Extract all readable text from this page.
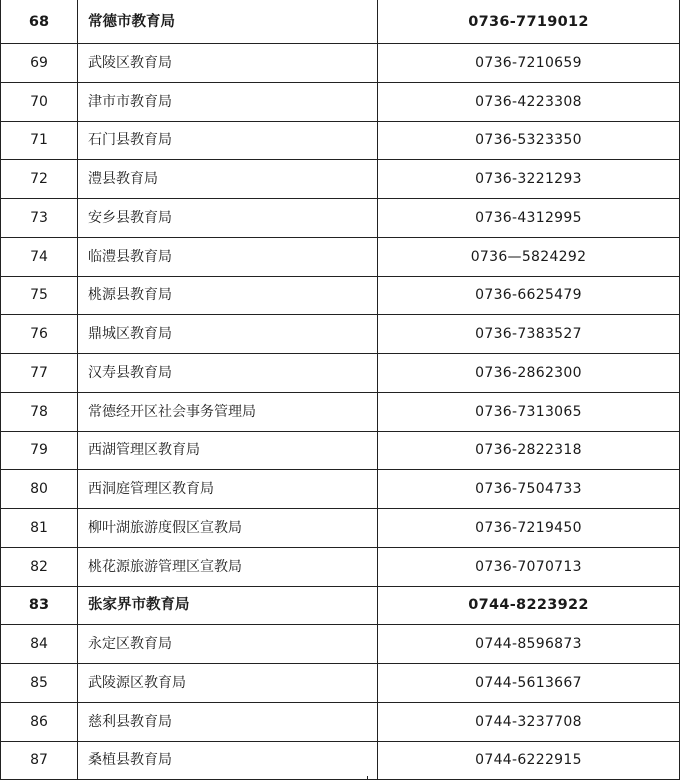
68	常德市教育局	0736-7719012
69	武陵区教育局	0736-7210659
70	津市市教育局	0736-4223308
71	石门县教育局	0736-5323350
72	澧县教育局	0736-3221293
73	安乡县教育局	0736-4312995
74	临澧县教育局	0736—5824292
75	桃源县教育局	0736-6625479
76	鼎城区教育局	0736-7383527
77	汉寿县教育局	0736-2862300
78	常德经开区社会事务管理局	0736-7313065
79	西湖管理区教育局	0736-2822318
80	西洞庭管理区教育局	0736-7504733
81	柳叶湖旅游度假区宣教局	0736-7219450
82	桃花源旅游管理区宣教局	0736-7070713
83	张家界市教育局	0744-8223922
84	永定区教育局	0744-8596873
85	武陵源区教育局	0744-5613667
86	慈利县教育局	0744-3237708
87	桑植县教育局	0744-6222915
